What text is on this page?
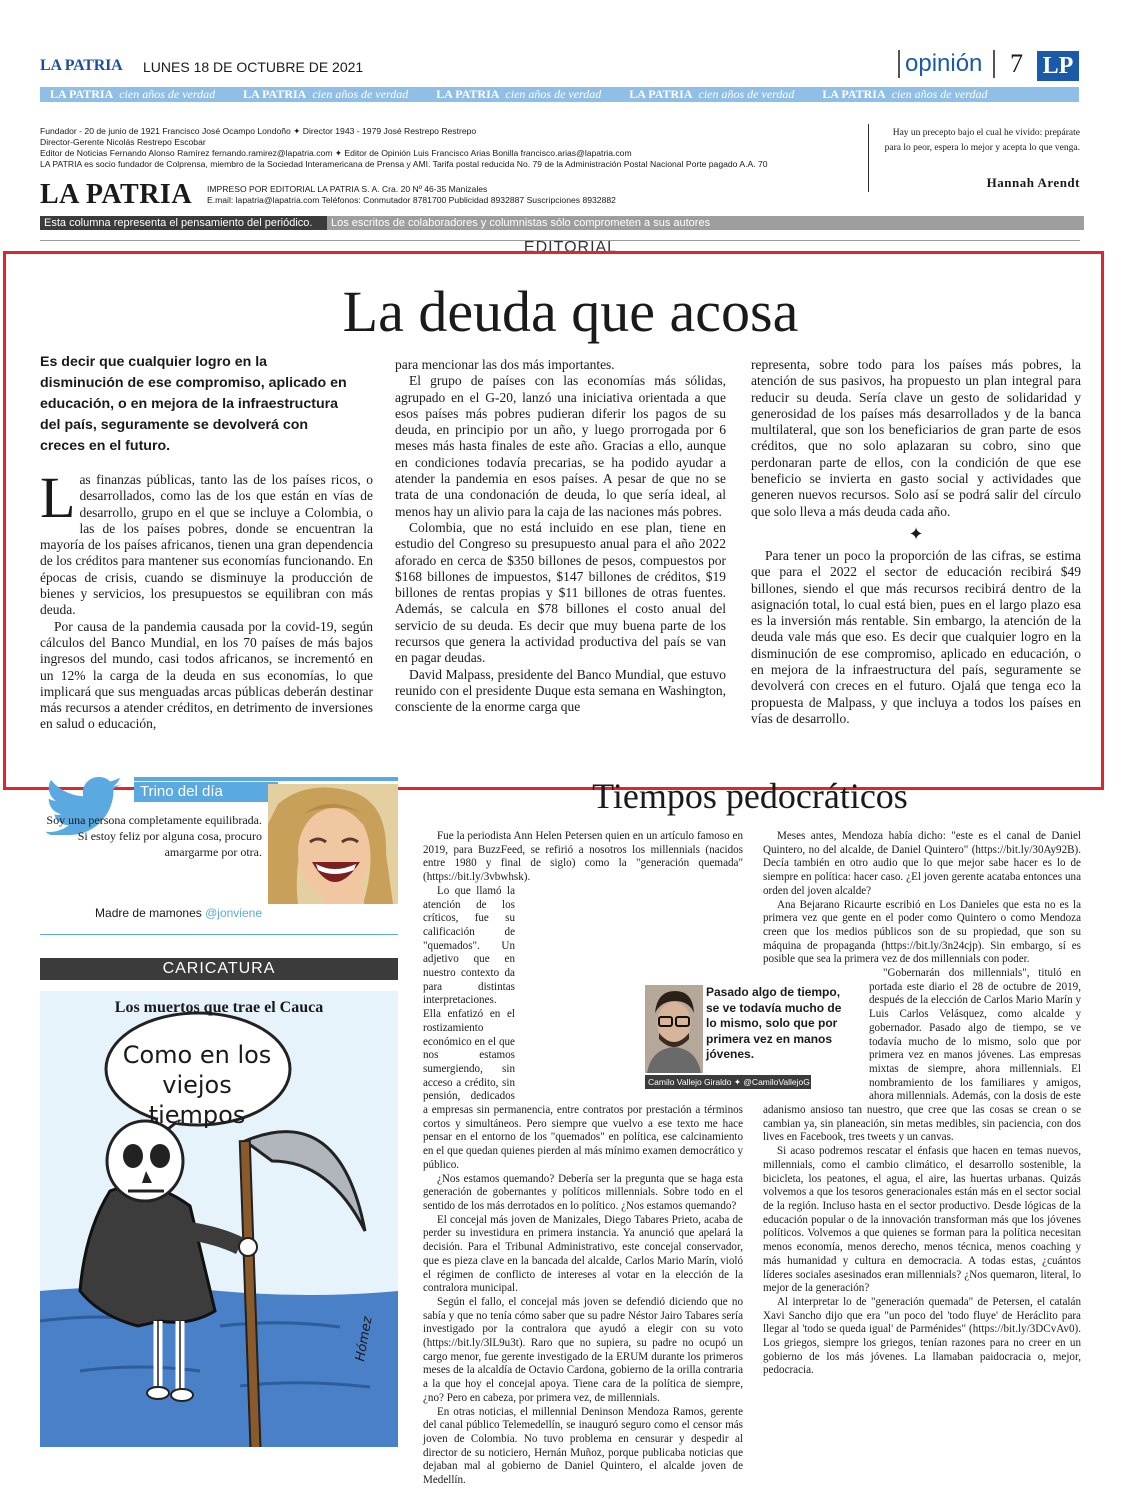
LA PATRIA LUNES 18 DE OCTUBRE DE 2021	opinión 7 LP
LA PATRIA cien años de verdad LA PATRIA cien años de verdad LA PATRIA cien años de verdad LA PATRIA cien años de verdad LA PATRIA cien años de verdad
Fundador - 20 de junio de 1921 Francisco José Ocampo Londoño ✦ Director 1943 - 1979 José Restrepo Restrepo
Director-Gerente Nicolás Restrepo Escobar
Editor de Noticias Fernando Alonso Ramírez fernando.ramirez@lapatria.com ✦ Editor de Opinión Luis Francisco Arias Bonilla francisco.arias@lapatria.com
LA PATRIA es socio fundador de Colprensa, miembro de la Sociedad Interamericana de Prensa y AMI. Tarifa postal reducida No. 79 de la Administración Postal Nacional Porte pagado A.A. 70
LA PATRIA IMPRESO POR EDITORIAL LA PATRIA S. A. Cra. 20 Nº 46-35 Manizales
E.mail: lapatria@lapatria.com Teléfonos: Conmutador 8781700 Publicidad 8932887 Suscripciones 8932882
Hay un precepto bajo el cual he vivido: prepárate para lo peor, espera lo mejor y acepta lo que venga.
Hannah Arendt
Esta columna representa el pensamiento del periódico.	Los escritos de colaboradores y columnistas sólo comprometen a sus autores
EDITORIAL
La deuda que acosa
Es decir que cualquier logro en la disminución de ese compromiso, aplicado en educación, o en mejora de la infraestructura del país, seguramente se devolverá con creces en el futuro.

Las finanzas públicas, tanto las de los países ricos, o desarrollados, como las de los que están en vías de desarrollo, grupo en el que se incluye a Colombia, o las de los países pobres, donde se encuentran la mayoría de los países africanos, tienen una gran dependencia de los créditos para mantener sus economías funcionando. En épocas de crisis, cuando se disminuye la producción de bienes y servicios, los presupuestos se equilibran con más deuda.

Por causa de la pandemia causada por la covid-19, según cálculos del Banco Mundial, en los 70 países de más bajos ingresos del mundo, casi todos africanos, se incrementó en un 12% la carga de la deuda en sus economías, lo que implicará que sus menguadas arcas públicas deberán destinar más recursos a atender créditos, en detrimento de inversiones en salud o educación,

para mencionar las dos más importantes.

El grupo de países con las economías más sólidas, agrupado en el G-20, lanzó una iniciativa orientada a que esos países más pobres pudieran diferir los pagos de su deuda, en principio por un año, y luego prorrogada por 6 meses más hasta finales de este año. Gracias a ello, aunque en condiciones todavía precarias, se ha podido ayudar a atender la pandemia en esos países. A pesar de que no se trata de una condonación de deuda, lo que sería ideal, al menos hay un alivio para la caja de las naciones más pobres.

Colombia, que no está incluido en ese plan, tiene en estudio del Congreso su presupuesto anual para el año 2022 aforado en cerca de $350 billones de pesos, compuestos por $168 billones de impuestos, $147 billones de créditos, $19 billones de rentas propias y $11 billones de otras fuentes. Además, se calcula en $78 billones el costo anual del servicio de su deuda. Es decir que muy buena parte de los recursos que genera la actividad productiva del país se van en pagar deudas.

David Malpass, presidente del Banco Mundial, que estuvo reunido con el presidente Duque esta semana en Washington, consciente de la enorme carga que

representa, sobre todo para los países más pobres, la atención de sus pasivos, ha propuesto un plan integral para reducir su deuda. Sería clave un gesto de solidaridad y generosidad de los países más desarrollados y de la banca multilateral, que son los beneficiarios de gran parte de esos créditos, que no solo aplazaran su cobro, sino que perdonaran parte de ellos, con la condición de que ese beneficio se invierta en gasto social y actividades que generen nuevos recursos. Solo así se podrá salir del círculo que solo lleva a más deuda cada año.

✦

Para tener un poco la proporción de las cifras, se estima que para el 2022 el sector de educación recibirá $49 billones, siendo el que más recursos recibirá dentro de la asignación total, lo cual está bien, pues en el largo plazo esa es la inversión más rentable. Sin embargo, la atención de la deuda vale más que eso. Es decir que cualquier logro en la disminución de ese compromiso, aplicado en educación, o en mejora de la infraestructura del país, seguramente se devolverá con creces en el futuro. Ojalá que tenga eco la propuesta de Malpass, y que incluya a todos los países en vías de desarrollo.

Trino del día
Soy una persona completamente equilibrada. Si estoy feliz por alguna cosa, procuro amargarme por otra.
Madre de mamones @jonviene
CARICATURA
Los muertos que trae el Cauca
Como en los viejos tiempos
Hómez
Tiempos pedocráticos

Fue la periodista Ann Helen Petersen quien en un artículo famoso en 2019, para BuzzFeed, se refirió a nosotros los millennials (nacidos entre 1980 y final de siglo) como la "generación quemada" (https://bit.ly/3vbwhsk).

Lo que llamó la atención de los críticos, fue su calificación de "quemados". Un adjetivo que en nuestro contexto da para distintas interpretaciones. Ella enfatizó en el rostizamiento económico en el que nos estamos sumergiendo, sin acceso a crédito, sin pensión, dedicados a empresas sin permanencia, entre contratos por prestación a términos cortos y simultáneos. Pero siempre que vuelvo a ese texto me hace pensar en el entorno de los "quemados" en política, ese calcinamiento en el que quedan quienes pierden al más mínimo examen democrático y público.

¿Nos estamos quemando? Debería ser la pregunta que se haga esta generación de gobernantes y políticos millennials. Sobre todo en el sentido de los más derrotados en lo político. ¿Nos estamos quemando?

El concejal más joven de Manizales, Diego Tabares Prieto, acaba de perder su investidura en primera instancia. Ya anunció que apelará la decisión. Para el Tribunal Administrativo, este concejal conservador, que es pieza clave en la bancada del alcalde, Carlos Mario Marín, violó el régimen de conflicto de intereses al votar en la elección de la contralora municipal.

Según el fallo, el concejal más joven se defendió diciendo que no sabía y que no tenía cómo saber que su padre Néstor Jairo Tabares sería investigado por la contralora que ayudó a elegir con su voto (https://bit.ly/3lL9u3t). Raro que no supiera, su padre no ocupó un cargo menor, fue gerente investigado de la ERUM durante los primeros meses de la alcaldía de Octavio Cardona, gobierno de la orilla contraria a la que hoy el concejal apoya. Tiene cara de la política de siempre, ¿no? Pero en cabeza, por primera vez, de millennials.

En otras noticias, el millennial Deninson Mendoza Ramos, gerente del canal público Telemedellín, se inauguró seguro como el censor más joven de Colombia. No tuvo problema en censurar y despedir al director de su noticiero, Hernán Muñoz, porque publicaba noticias que dejaban mal al gobierno de Daniel Quintero, el alcalde joven de Medellín.

Meses antes, Mendoza había dicho: "este es el canal de Daniel Quintero, no del alcalde, de Daniel Quintero" (https://bit.ly/30Ay92B). Decía también en otro audio que lo que mejor sabe hacer es lo de siempre en política: hacer caso. ¿El joven gerente acataba entonces una orden del joven alcalde?

Ana Bejarano Ricaurte escribió en Los Danieles que esta no es la primera vez que gente en el poder como Quintero o como Mendoza creen que los medios públicos son de su propiedad, que son su máquina de propaganda (https://bit.ly/3n24cjp). Sin embargo, sí es posible que sea la primera vez de dos millennials con poder.

"Gobernarán dos millennials", tituló en portada este diario el 28 de octubre de 2019, después de la elección de Carlos Mario Marín y Luis Carlos Velásquez, como alcalde y gobernador. Pasado algo de tiempo, se ve todavía mucho de lo mismo, solo que por primera vez en manos jóvenes. Las empresas mixtas de siempre, ahora millennials. El nombramiento de los familiares y amigos, ahora millennials. Además, con la dosis de este adanismo ansioso tan nuestro, que cree que las cosas se crean o se cambian ya, sin planeación, sin metas medibles, sin paciencia, con dos lives en Facebook, tres tweets y un canvas.

Si acaso podremos rescatar el énfasis que hacen en temas nuevos, millennials, como el cambio climático, el desarrollo sostenible, la bicicleta, los peatones, el agua, el aire, las huertas urbanas. Quizás volvemos a que los tesoros generacionales están más en el sector social de la región. Incluso hasta en el sector productivo. Desde lógicas de la educación popular o de la innovación transforman más que los jóvenes políticos. Volvemos a que quienes se forman para la política necesitan menos economía, menos derecho, menos técnica, menos coaching y más humanidad y cultura en democracia. A todas estas, ¿cuántos líderes sociales asesinados eran millennials? ¿Nos quemaron, literal, lo mejor de la generación?

Al interpretar lo de "generación quemada" de Petersen, el catalán Xavi Sancho dijo que era "un poco del 'todo fluye' de Heráclito para llegar al 'todo se queda igual' de Parménides" (https://bit.ly/3DCvAv0). Los griegos, siempre los griegos, tenían razones para no creer en un gobierno de los más jóvenes. La llamaban paidocracia o, mejor, pedocracia.

Pasado algo de tiempo, se ve todavía mucho de lo mismo, solo que por primera vez en manos jóvenes.
Camilo Vallejo Giraldo ✦ @CamiloVallejoG
